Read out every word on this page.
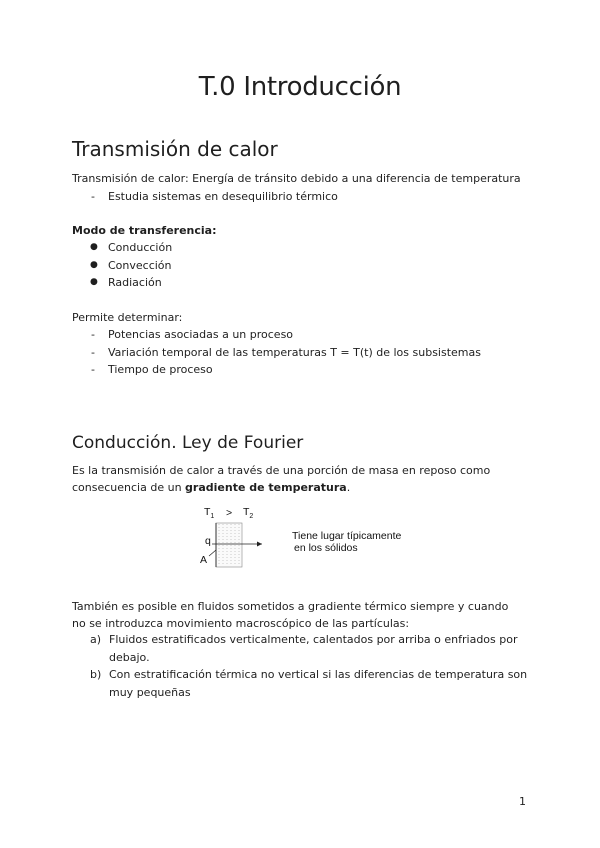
T.0 Introducción
Transmisión de calor

Transmisión de calor: Energía de tránsito debido a una diferencia de temperatura

-	Estudia sistemas en desequilibrio térmico

Modo de transferencia:

● Conducción
● Convección
● Radiación

Permite determinar:

-	Potencias asociadas a un proceso
-	Variación temporal de las temperaturas T = T(t) de los subsistemas
-	Tiempo de proceso
Conducción. Ley de Fourier

Es la transmisión de calor a través de una porción de masa en reposo como consecuencia de un gradiente de temperatura.

$T_1 > T_2$
q
A
Tiene lugar típicamente
en los sólidos

También es posible en fluidos sometidos a gradiente térmico siempre y cuando no se introduzca movimiento macroscópico de las partículas:

a) Fluidos estratificados verticalmente, calentados por arriba o enfriados por debajo.
b) Con estratificación térmica no vertical si las diferencias de temperatura son muy pequeñas
1
